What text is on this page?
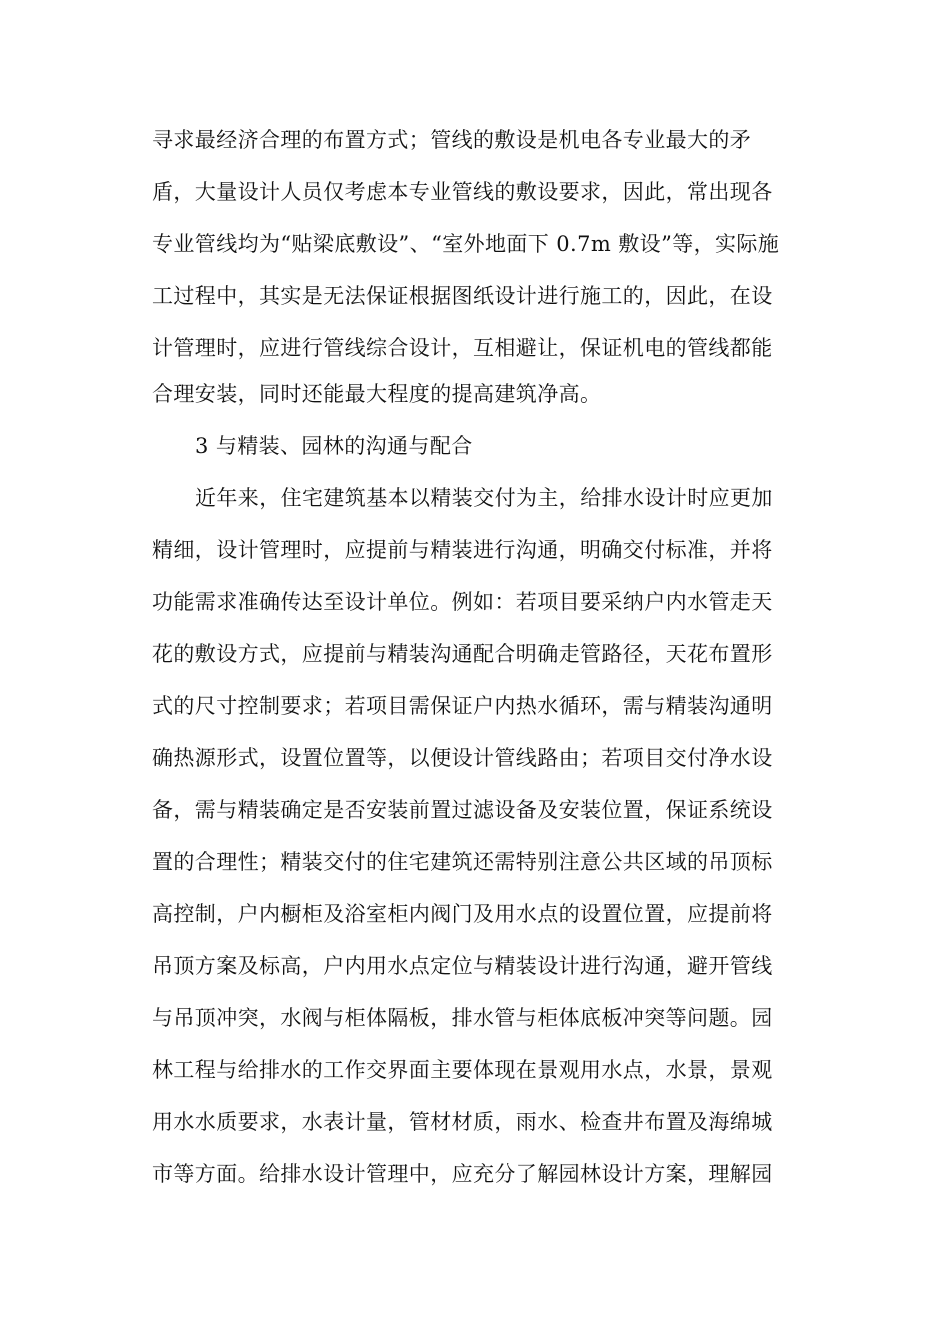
寻求最经济合理的布置方式；管线的敷设是机电各专业最大的矛
盾，大量设计人员仅考虑本专业管线的敷设要求，因此，常出现各
专业管线均为“贴梁底敷设”、“室外地面下 0.7m 敷设”等，实际施
工过程中，其实是无法保证根据图纸设计进行施工的，因此，在设
计管理时，应进行管线综合设计，互相避让，保证机电的管线都能
合理安装，同时还能最大程度的提高建筑净高。
3 与精装、园林的沟通与配合
近年来，住宅建筑基本以精装交付为主，给排水设计时应更加
精细，设计管理时，应提前与精装进行沟通，明确交付标准，并将
功能需求准确传达至设计单位。例如：若项目要采纳户内水管走天
花的敷设方式，应提前与精装沟通配合明确走管路径，天花布置形
式的尺寸控制要求；若项目需保证户内热水循环，需与精装沟通明
确热源形式，设置位置等，以便设计管线路由；若项目交付净水设
备，需与精装确定是否安装前置过滤设备及安装位置，保证系统设
置的合理性；精装交付的住宅建筑还需特别注意公共区域的吊顶标
高控制，户内橱柜及浴室柜内阀门及用水点的设置位置，应提前将
吊顶方案及标高，户内用水点定位与精装设计进行沟通，避开管线
与吊顶冲突，水阀与柜体隔板，排水管与柜体底板冲突等问题。园
林工程与给排水的工作交界面主要体现在景观用水点，水景，景观
用水水质要求，水表计量，管材材质，雨水、检查井布置及海绵城
市等方面。给排水设计管理中，应充分了解园林设计方案，理解园
